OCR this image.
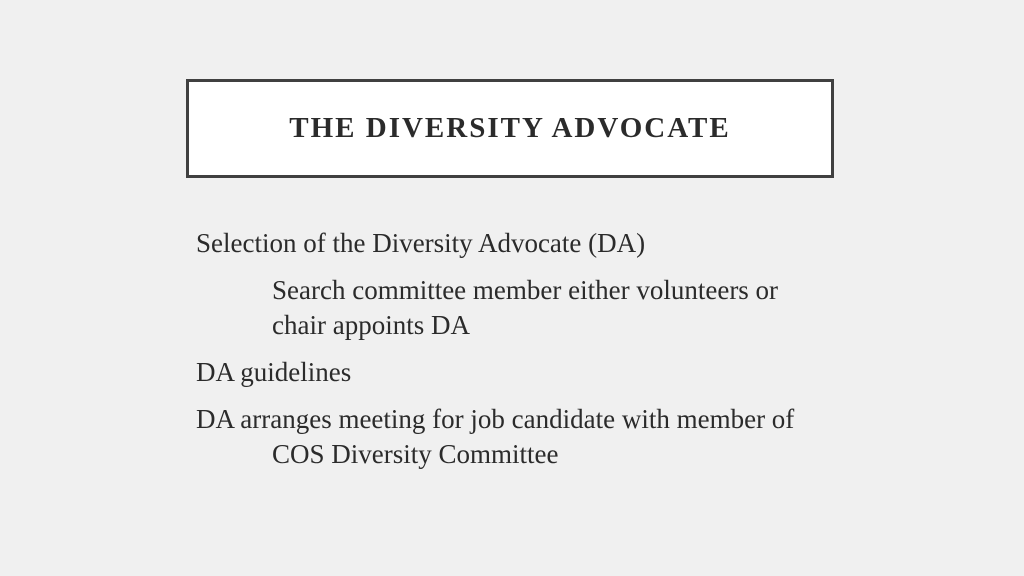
THE DIVERSITY ADVOCATE

Selection of the Diversity Advocate (DA)

Search committee member either volunteers or chair appoints DA

DA guidelines

DA arranges meeting for job candidate with member of COS Diversity Committee
